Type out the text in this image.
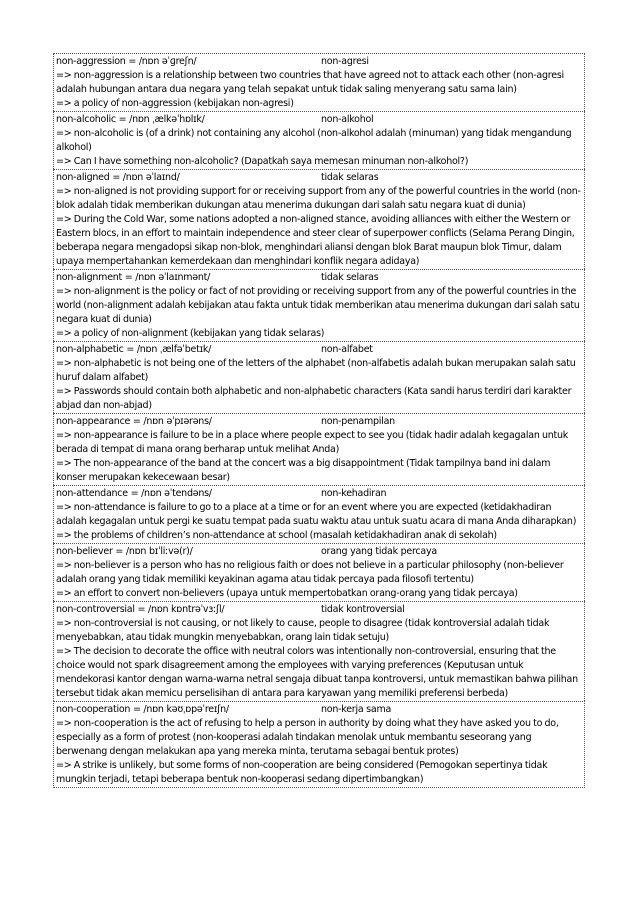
non-aggression = /nɒn əˈɡreʃn/	non-agresi
=> non-aggression is a relationship between two countries that have agreed not to attack each other (non-agresi adalah hubungan antara dua negara yang telah sepakat untuk tidak saling menyerang satu sama lain)
=> a policy of non-aggression (kebijakan non-agresi)
non-alcoholic = /nɒn ˌælkəˈhɒlɪk/	non-alkohol
=> non-alcoholic is (of a drink) not containing any alcohol (non-alkohol adalah (minuman) yang tidak mengandung alkohol)
=> Can I have something non-alcoholic? (Dapatkah saya memesan minuman non-alkohol?)
non-aligned = /nɒn əˈlaɪnd/	tidak selaras
=> non-aligned is not providing support for or receiving support from any of the powerful countries in the world (non-blok adalah tidak memberikan dukungan atau menerima dukungan dari salah satu negara kuat di dunia)
=> During the Cold War, some nations adopted a non-aligned stance, avoiding alliances with either the Western or Eastern blocs, in an effort to maintain independence and steer clear of superpower conflicts (Selama Perang Dingin, beberapa negara mengadopsi sikap non-blok, menghindari aliansi dengan blok Barat maupun blok Timur, dalam upaya mempertahankan kemerdekaan dan menghindari konflik negara adidaya)
non-alignment = /nɒn əˈlaɪnmənt/	tidak selaras
=> non-alignment is the policy or fact of not providing or receiving support from any of the powerful countries in the world (non-alignment adalah kebijakan atau fakta untuk tidak memberikan atau menerima dukungan dari salah satu negara kuat di dunia)
=> a policy of non-alignment (kebijakan yang tidak selaras)
non-alphabetic = /nɒn ˌælfəˈbetɪk/	non-alfabet
=> non-alphabetic is not being one of the letters of the alphabet (non-alfabetis adalah bukan merupakan salah satu huruf dalam alfabet)
=> Passwords should contain both alphabetic and non-alphabetic characters (Kata sandi harus terdiri dari karakter abjad dan non-abjad)
non-appearance = /nɒn əˈpɪərəns/	non-penampilan
=> non-appearance is failure to be in a place where people expect to see you (tidak hadir adalah kegagalan untuk berada di tempat di mana orang berharap untuk melihat Anda)
=> The non-appearance of the band at the concert was a big disappointment (Tidak tampilnya band ini dalam konser merupakan kekecewaan besar)
non-attendance = /nɒn əˈtendəns/	non-kehadiran
=> non-attendance is failure to go to a place at a time or for an event where you are expected (ketidakhadiran adalah kegagalan untuk pergi ke suatu tempat pada suatu waktu atau untuk suatu acara di mana Anda diharapkan)
=> the problems of children’s non-attendance at school (masalah ketidakhadiran anak di sekolah)
non-believer = /nɒn bɪˈliːvə(r)/	orang yang tidak percaya
=> non-believer is a person who has no religious faith or does not believe in a particular philosophy (non-believer adalah orang yang tidak memiliki keyakinan agama atau tidak percaya pada filosofi tertentu)
=> an effort to convert non-believers (upaya untuk mempertobatkan orang-orang yang tidak percaya)
non-controversial = /nɒn kɒntrəˈvɜːʃl/	tidak kontroversial
=> non-controversial is not causing, or not likely to cause, people to disagree (tidak kontroversial adalah tidak menyebabkan, atau tidak mungkin menyebabkan, orang lain tidak setuju)
=> The decision to decorate the office with neutral colors was intentionally non-controversial, ensuring that the choice would not spark disagreement among the employees with varying preferences (Keputusan untuk mendekorasi kantor dengan warna-warna netral sengaja dibuat tanpa kontroversi, untuk memastikan bahwa pilihan tersebut tidak akan memicu perselisihan di antara para karyawan yang memiliki preferensi berbeda)
non-cooperation = /nɒn kəʊˌɒpəˈreɪʃn/	non-kerja sama
=> non-cooperation is the act of refusing to help a person in authority by doing what they have asked you to do, especially as a form of protest (non-kooperasi adalah tindakan menolak untuk membantu seseorang yang berwenang dengan melakukan apa yang mereka minta, terutama sebagai bentuk protes)
=> A strike is unlikely, but some forms of non-cooperation are being considered (Pemogokan sepertinya tidak mungkin terjadi, tetapi beberapa bentuk non-kooperasi sedang dipertimbangkan)
